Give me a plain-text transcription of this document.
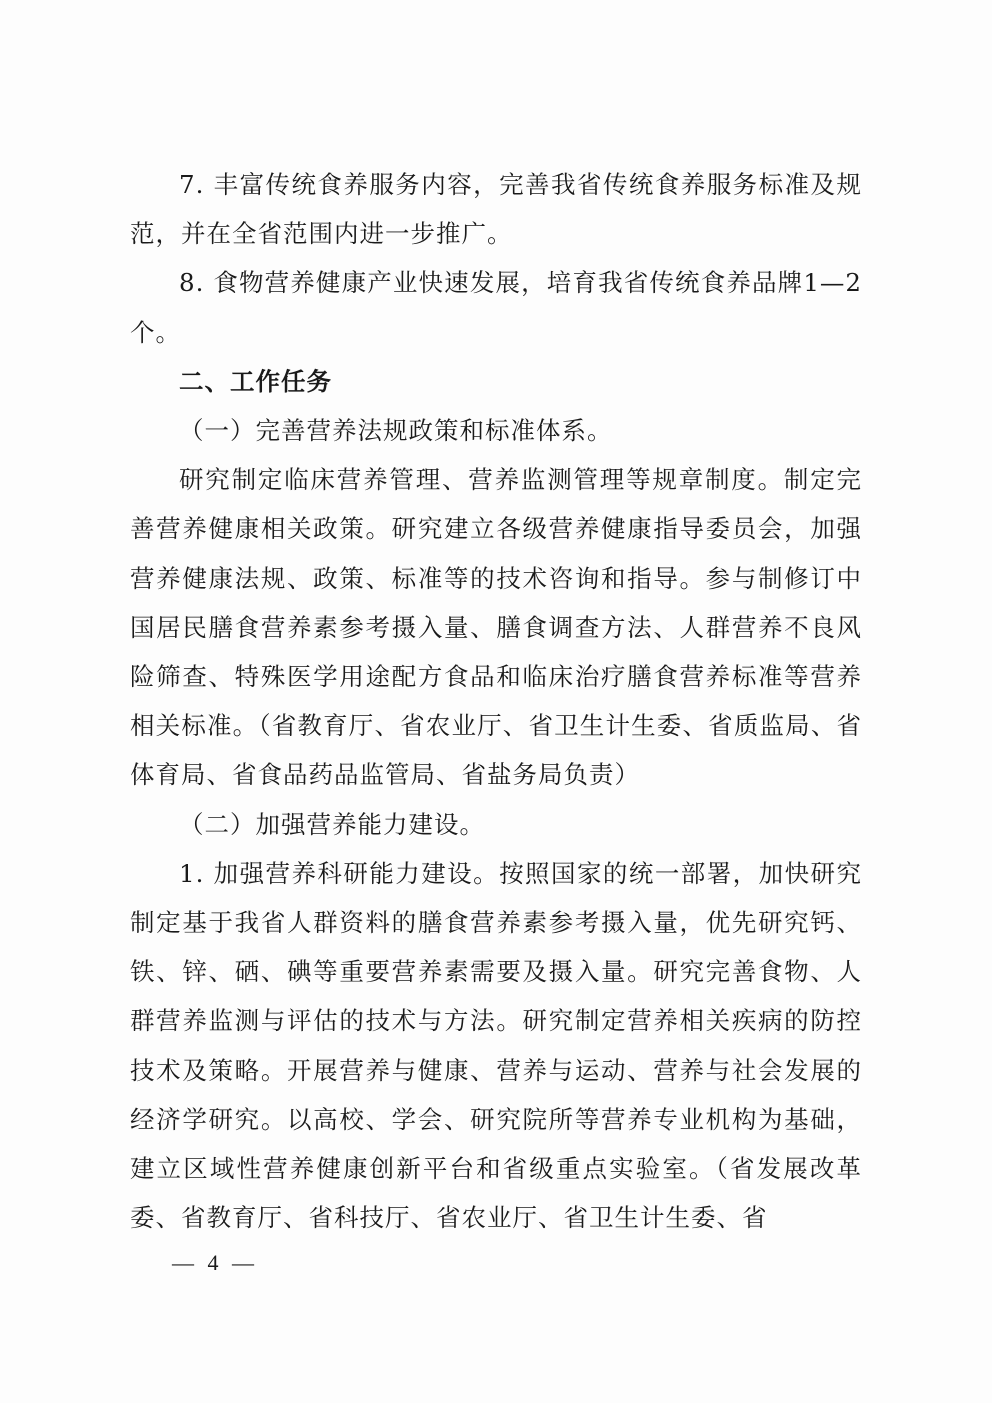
7. 丰富传统食养服务内容，完善我省传统食养服务标准及规范，并在全省范围内进一步推广。

8. 食物营养健康产业快速发展，培育我省传统食养品牌1—2个。

二、工作任务

（一）完善营养法规政策和标准体系。

研究制定临床营养管理、营养监测管理等规章制度。制定完善营养健康相关政策。研究建立各级营养健康指导委员会，加强营养健康法规、政策、标准等的技术咨询和指导。参与制修订中国居民膳食营养素参考摄入量、膳食调查方法、人群营养不良风险筛查、特殊医学用途配方食品和临床治疗膳食营养标准等营养相关标准。（省教育厅、省农业厅、省卫生计生委、省质监局、省体育局、省食品药品监管局、省盐务局负责）

（二）加强营养能力建设。

1. 加强营养科研能力建设。按照国家的统一部署，加快研究制定基于我省人群资料的膳食营养素参考摄入量，优先研究钙、铁、锌、硒、碘等重要营养素需要及摄入量。研究完善食物、人群营养监测与评估的技术与方法。研究制定营养相关疾病的防控技术及策略。开展营养与健康、营养与运动、营养与社会发展的经济学研究。以高校、学会、研究院所等营养专业机构为基础，建立区域性营养健康创新平台和省级重点实验室。（省发展改革委、省教育厅、省科技厅、省农业厅、省卫生计生委、省

— 4 —
